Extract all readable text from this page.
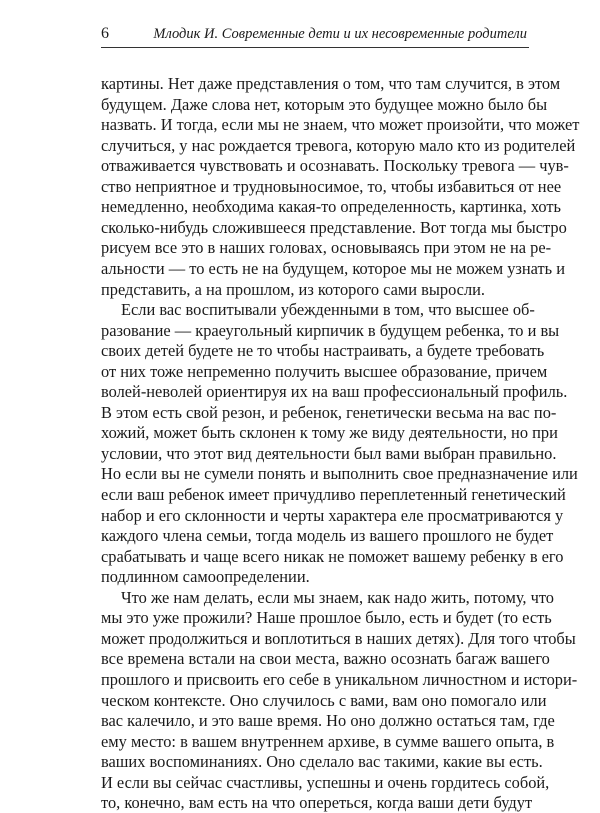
6	Млодик И. Современные дети и их несовременные родители
картины. Нет даже представления о том, что там случится, в этом
будущем. Даже слова нет, которым это будущее можно было бы
назвать. И тогда, если мы не знаем, что может произойти, что может
случиться, у нас рождается тревога, которую мало кто из родителей
отваживается чувствовать и осознавать. Поскольку тревога — чув-
ство неприятное и трудновыносимое, то, чтобы избавиться от нее
немедленно, необходима какая-то определенность, картинка, хоть
сколько-нибудь сложившееся представление. Вот тогда мы быстро
рисуем все это в наших головах, основываясь при этом не на ре-
альности — то есть не на будущем, которое мы не можем узнать и
представить, а на прошлом, из которого сами выросли.
Если вас воспитывали убежденными в том, что высшее об-
разование — краеугольный кирпичик в будущем ребенка, то и вы
своих детей будете не то чтобы настраивать, а будете требовать
от них тоже непременно получить высшее образование, причем
волей-неволей ориентируя их на ваш профессиональный профиль.
В этом есть свой резон, и ребенок, генетически весьма на вас по-
хожий, может быть склонен к тому же виду деятельности, но при
условии, что этот вид деятельности был вами выбран правильно.
Но если вы не сумели понять и выполнить свое предназначение или
если ваш ребенок имеет причудливо переплетенный генетический
набор и его склонности и черты характера еле просматриваются у
каждого члена семьи, тогда модель из вашего прошлого не будет
срабатывать и чаще всего никак не поможет вашему ребенку в его
подлинном самоопределении.
Что же нам делать, если мы знаем, как надо жить, потому, что
мы это уже прожили? Наше прошлое было, есть и будет (то есть
может продолжиться и воплотиться в наших детях). Для того чтобы
все времена встали на свои места, важно осознать багаж вашего
прошлого и присвоить его себе в уникальном личностном и истори-
ческом контексте. Оно случилось с вами, вам оно помогало или
вас калечило, и это ваше время. Но оно должно остаться там, где
ему место: в вашем внутреннем архиве, в сумме вашего опыта, в
ваших воспоминаниях. Оно сделало вас такими, какие вы есть.
И если вы сейчас счастливы, успешны и очень гордитесь собой,
то, конечно, вам есть на что опереться, когда ваши дети будут
